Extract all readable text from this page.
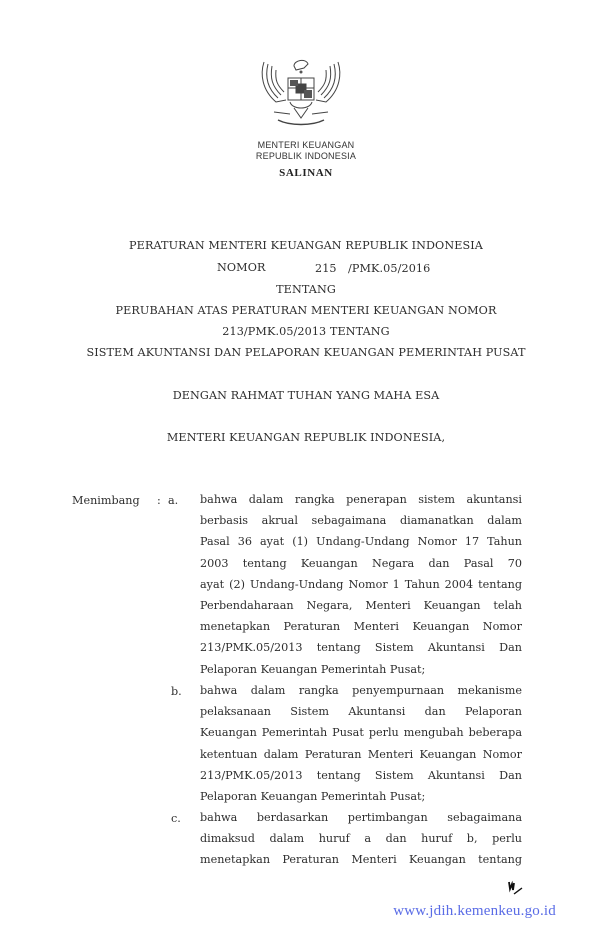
MENTERI KEUANGAN
REPUBLIK INDONESIA
SALINAN
PERATURAN MENTERI KEUANGAN REPUBLIK INDONESIA
NOMOR	215 /PMK.05/2016
TENTANG
PERUBAHAN ATAS PERATURAN MENTERI KEUANGAN NOMOR
213/PMK.05/2013 TENTANG
SISTEM AKUNTANSI DAN PELAPORAN KEUANGAN PEMERINTAH PUSAT
DENGAN RAHMAT TUHAN YANG MAHA ESA
MENTERI KEUANGAN REPUBLIK INDONESIA,
Menimbang : a. bahwa dalam rangka penerapan sistem akuntansi
berbasis akrual sebagaimana diamanatkan dalam
Pasal 36 ayat (1) Undang-Undang Nomor 17 Tahun
2003 tentang Keuangan Negara dan Pasal 70
ayat (2) Undang-Undang Nomor 1 Tahun 2004 tentang
Perbendaharaan Negara, Menteri Keuangan telah
menetapkan Peraturan Menteri Keuangan Nomor
213/PMK.05/2013 tentang Sistem Akuntansi Dan
Pelaporan Keuangan Pemerintah Pusat;
b. bahwa dalam rangka penyempurnaan mekanisme
pelaksanaan Sistem Akuntansi dan Pelaporan
Keuangan Pemerintah Pusat perlu mengubah beberapa
ketentuan dalam Peraturan Menteri Keuangan Nomor
213/PMK.05/2013 tentang Sistem Akuntansi Dan
Pelaporan Keuangan Pemerintah Pusat;
c. bahwa berdasarkan pertimbangan sebagaimana
dimaksud dalam huruf a dan huruf b, perlu
menetapkan Peraturan Menteri Keuangan tentang
www.jdih.kemenkeu.go.id
